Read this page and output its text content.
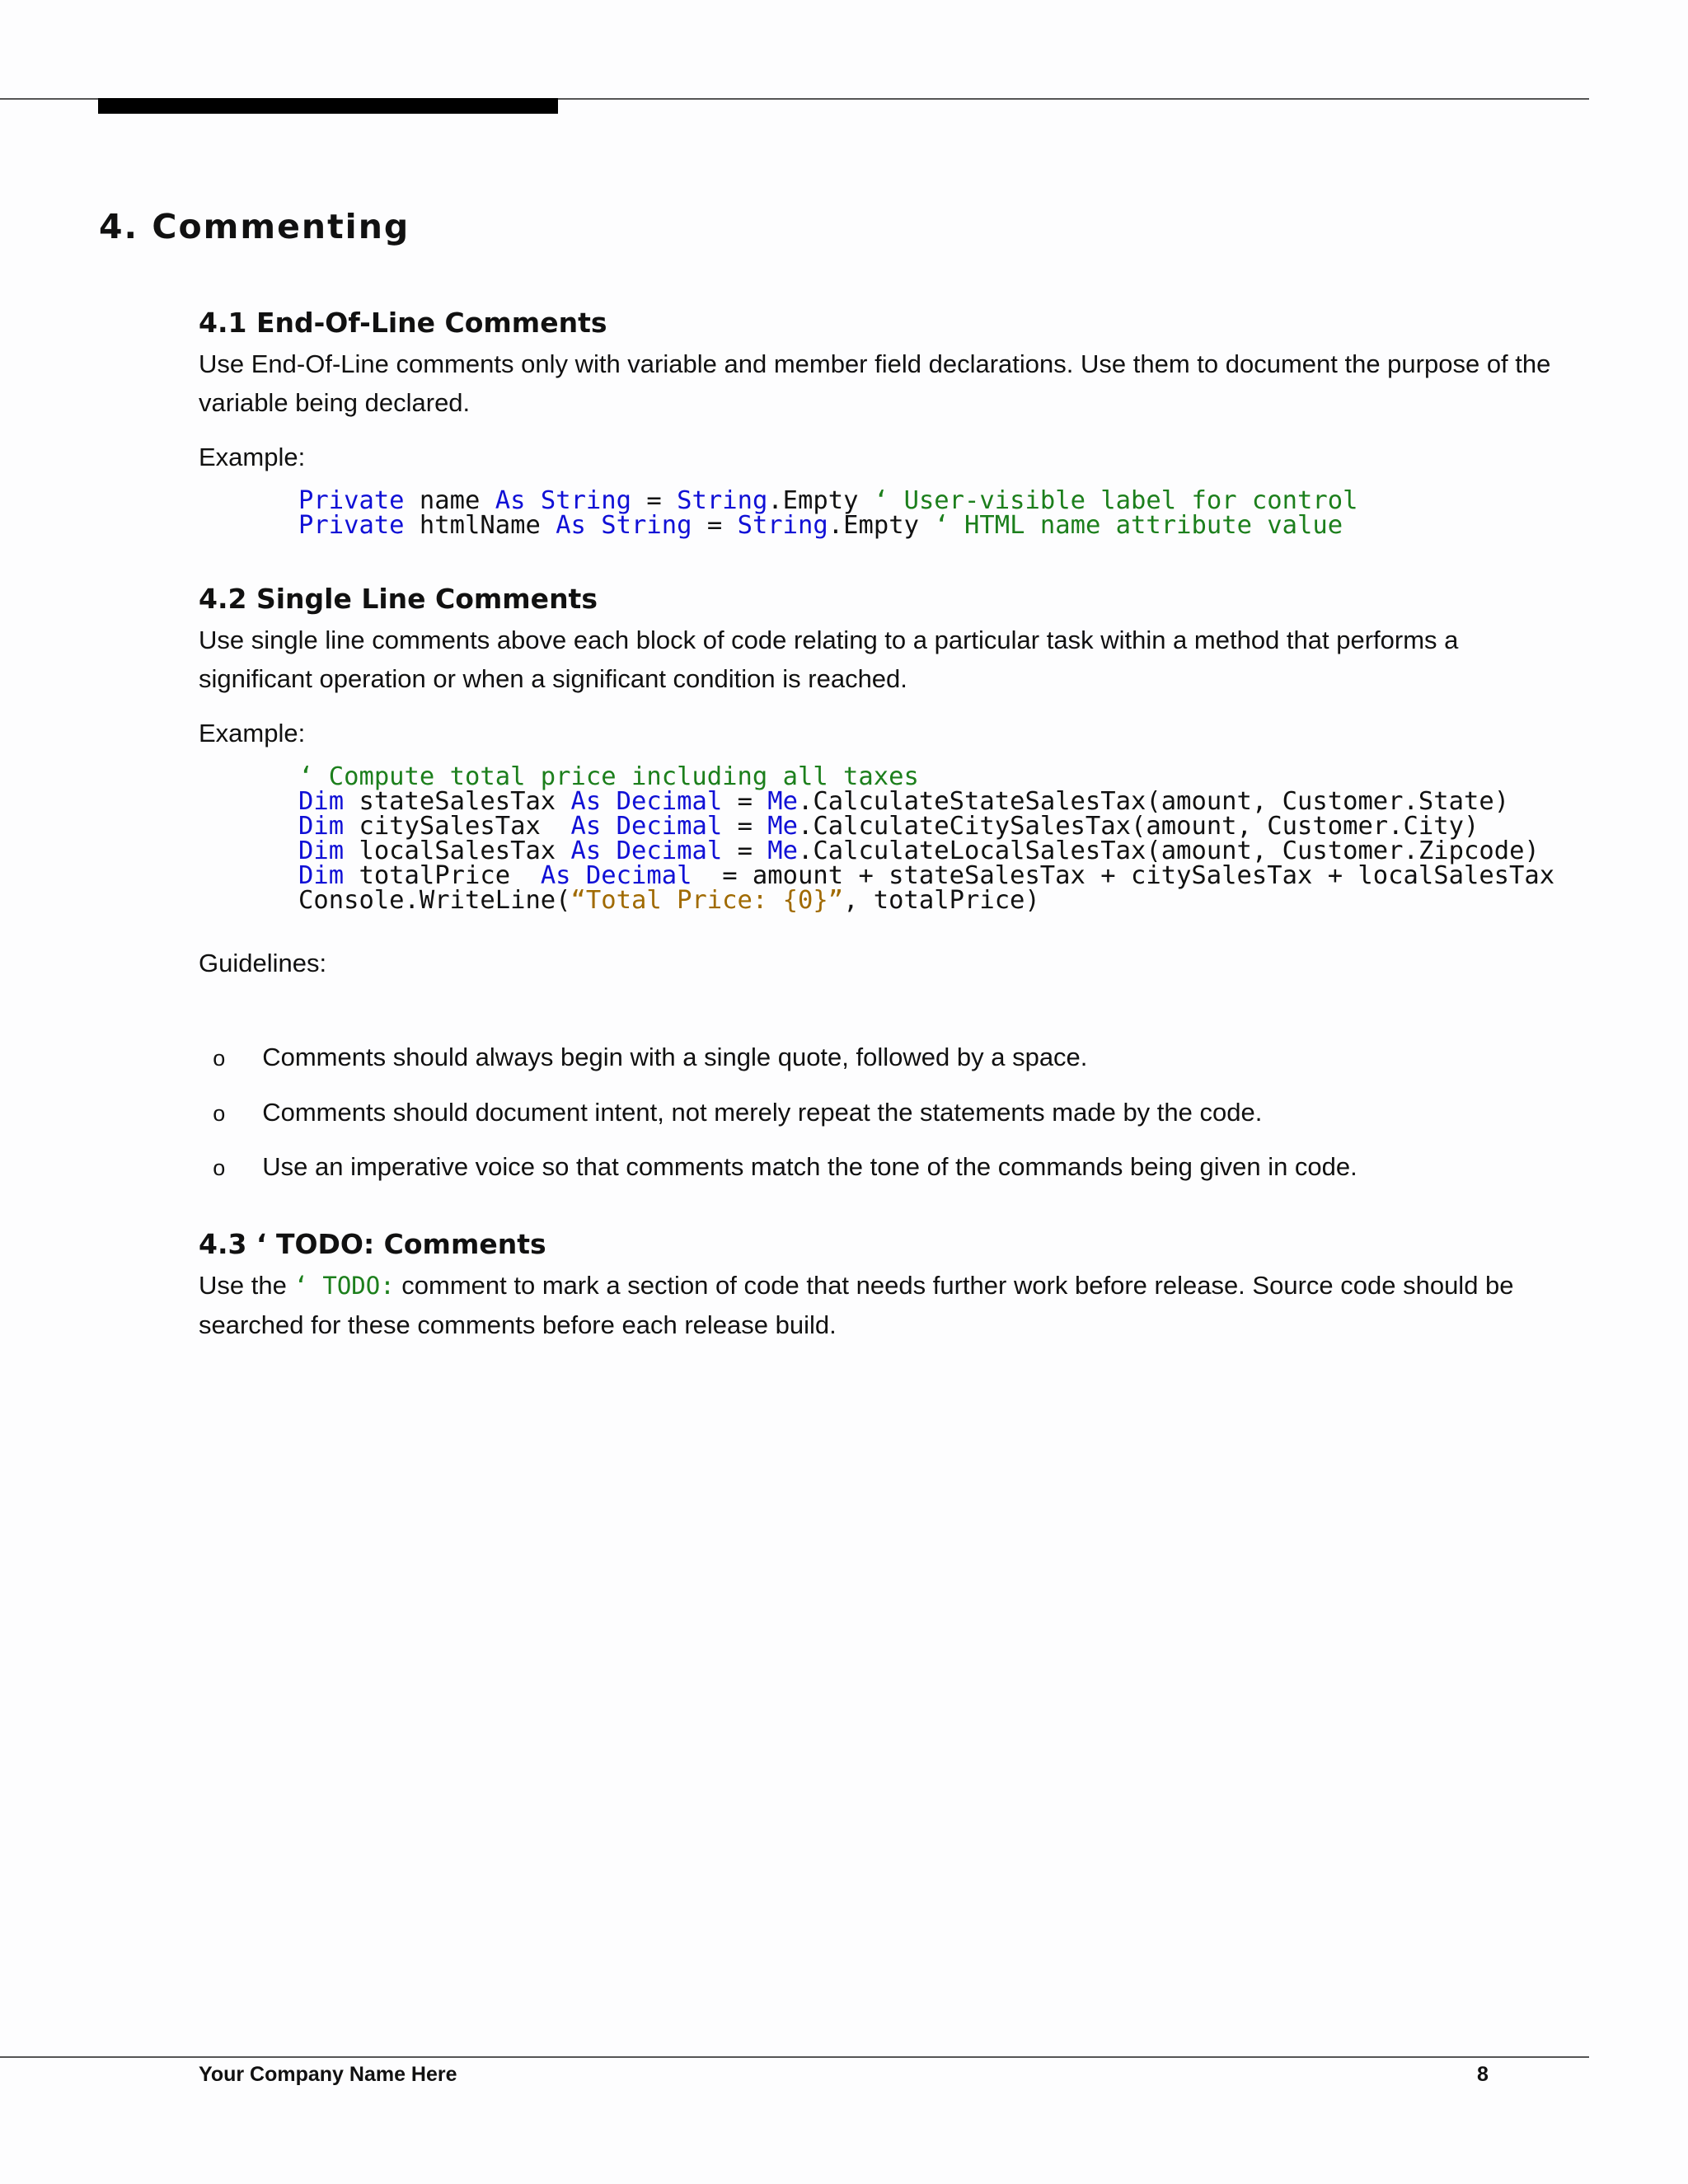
4. Commenting
4.1 End-Of-Line Comments

Use End-Of-Line comments only with variable and member field declarations. Use them to document the purpose of the

variable being declared.

Example:

Private name As String = String.Empty ‘ User-visible label for control
Private htmlName As String = String.Empty ‘ HTML name attribute value
4.2 Single Line Comments

Use single line comments above each block of code relating to a particular task within a method that performs a

significant operation or when a significant condition is reached.

Example:

‘ Compute total price including all taxes
Dim stateSalesTax As Decimal = Me.CalculateStateSalesTax(amount, Customer.State)
Dim citySalesTax  As Decimal = Me.CalculateCitySalesTax(amount, Customer.City)
Dim localSalesTax As Decimal = Me.CalculateLocalSalesTax(amount, Customer.Zipcode)
Dim totalPrice  As Decimal  = amount + stateSalesTax + citySalesTax + localSalesTax
Console.WriteLine(“Total Price: {0}”, totalPrice)

Guidelines:

o Comments should always begin with a single quote, followed by a space.

o Comments should document intent, not merely repeat the statements made by the code.

o Use an imperative voice so that comments match the tone of the commands being given in code.

4.3 ‘ TODO: Comments

Use the ‘ TODO: comment to mark a section of code that needs further work before release. Source code should be

searched for these comments before each release build.

Your Company Name Here	8
